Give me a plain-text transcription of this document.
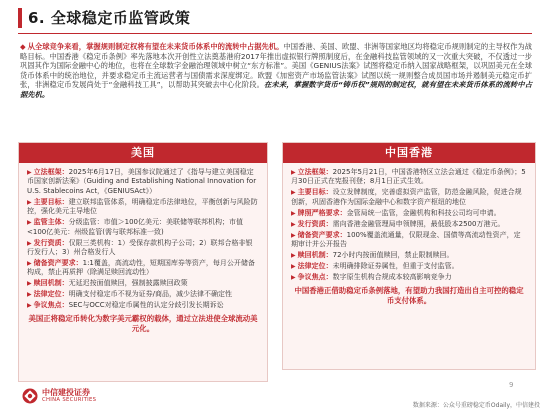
6. 全球稳定币监管政策
◆ 从全球竞争来看，掌握规则制定权将有望在未来货币体系中的流转中占据先机。中国香港、美国、欧盟、非洲等国家地区均将稳定币规则制定的主导权作为战略目标。中国香港《稳定币条例》率先落地本次开创性立法奠基港府2017年推出虚拟银行牌照制度后，在金融科技监管领域的又一次重大突破，不仅透过一步巩固其作为国际金融中心的地位，也将在全球数字金融治理领域中树立“东方标准”。美国《GENIUS法案》试图将稳定币纳入国家战略框架，以巩固美元在全球货币体系中的统治地位，并要求稳定币主流运营者与国债需求深度绑定。欧盟《加密资产市场监管法案》试图以统一规则整合成员国市场并遏制美元稳定币扩张，非洲稳定币发展尚处于“金融科技工具”，以帮助其突破去中心化阶段。在未来，掌握数字货币“铸币权”规则的制定权，就有望在未来货币体系的流转中占据先机。
美国
▶ 立法框架：2025年6月17日，美国参议院通过了《指导与建立美国稳定币国家创新法案》（Guiding and Establishing National Innovation for U.S. Stablecoins Act，《GENIUSAct》）
▶ 主要目标：建立联邦监管体系，明确稳定币法律地位，平衡创新与风险防控，强化美元主导地位
▶ 监管主体：分级监管：市值＞100亿美元：美联储等联邦机构；市值<100亿美元：州级监管(需与联邦标准一致)
▶ 发行资质：仅限三类机构：1）受保存款机构子公司；2）联邦合格非银行发行人；3）州合格发行人
▶ 储备资产要求：1:1覆盖，高流动性，短期国库券等资产，每月公开储备构成，禁止再质押（除满足赎回流动性）
▶ 赎回机制：无延迟按面值赎回，强制披露赎回政策
▶ 法律定位：明确支付稳定币不视为证券/商品，减少法律不确定性
▶ 争议焦点：SEC与OCC对稳定币属性的认定分歧引发长期诉讼
美国正将稳定币转化为数字美元霸权的载体，通过立法进使全球流动美元化。
中国香港
▶ 立法框架：2025年5月21日，中国香港特区立法会通过《稳定币条例》；5月30日正式在宪报刊登；8月1日正式生效。
▶ 主要目标：设立发牌制度，完善虚拟资产监管，防范金融风险，促进合规创新，巩固香港作为国际金融中心和数字资产枢纽的地位
▶ 牌照严格要求：金管局统一监管，金融机构和科技公司均可申请。
▶ 发行资质：需向香港金融管理局申领牌照，最低股本2500万港元。
▶ 储备资产要求：100%覆盖流通量，仅限现金、国债等高流动性资产，定期审计并公开报告
▶ 赎回机制：72小时内按面值赎回，禁止限制赎回。
▶ 法律定位：未明确排除证券属性，但重于支付监管。
▶ 争议焦点：数字原生机构合规成本较高影响竞争力
中国香港正借助稳定币条例落地，有望助力我国打造出自主可控的稳定币支付体系。
中信建投证券
CHINA SECURITIES
9
数据来源：公众号重磅稳定币Odaily，中信建投
